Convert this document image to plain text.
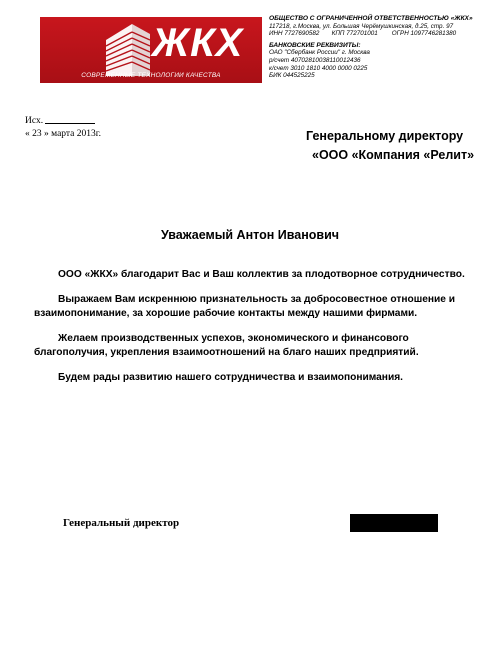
ЖКХ
СОВРЕМЕННЫЕ ТЕХНОЛОГИИ КАЧЕСТВА
ОБЩЕСТВО С ОГРАНИЧЕННОЙ ОТВЕТСТВЕННОСТЬЮ «ЖКХ»
117218, г.Москва, ул. Большая Черёмушкинская, д.25, стр. 97
ИНН 7727690582 КПП 772701001 ОГРН 1097746281380
БАНКОВСКИЕ РЕКВИЗИТЫ:
ОАО "Сбербанк России" г. Москва
р/счет 40702810038110012436
к/счет 3010 1810 4000 0000 0225
БИК 044525225
Исх.
« 23 » марта 2013г.	Генеральному директору
«ООО «Компания «Релит»
Уважаемый Антон Иванович

ООО «ЖКХ» благодарит Вас и Ваш коллектив за плодотворное сотрудничество.

Выражаем Вам искреннюю признательность за добросовестное отношение и взаимопонимание, за хорошие рабочие контакты между нашими фирмами.

Желаем производственных успехов, экономического и финансового благополучия, укрепления взаимоотношений на благо наших предприятий.

Будем рады развитию нашего сотрудничества и взаимопонимания.

Генеральный директор
